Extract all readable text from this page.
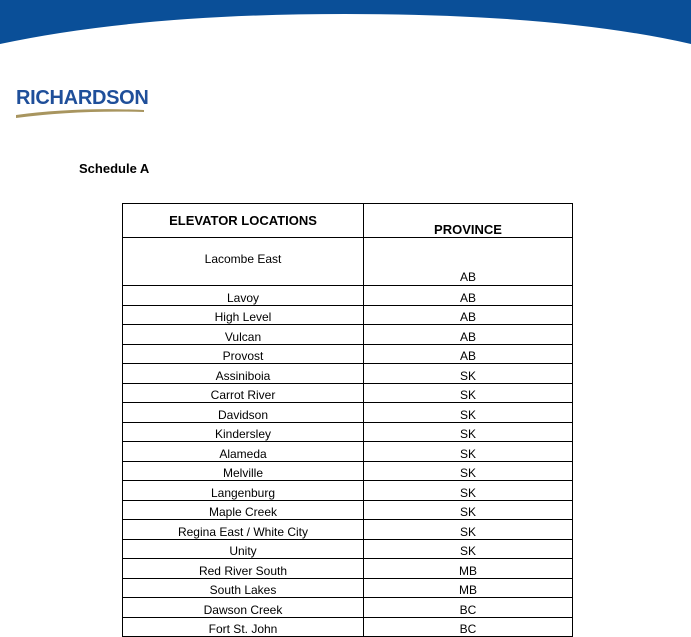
RICHARDSON
Schedule A
ELEVATOR LOCATIONS	PROVINCE
Lacombe East	AB
Lavoy	AB
High Level	AB
Vulcan	AB
Provost	AB
Assiniboia	SK
Carrot River	SK
Davidson	SK
Kindersley	SK
Alameda	SK
Melville	SK
Langenburg	SK
Maple Creek	SK
Regina East / White City	SK
Unity	SK
Red River South	MB
South Lakes	MB
Dawson Creek	BC
Fort St. John	BC
